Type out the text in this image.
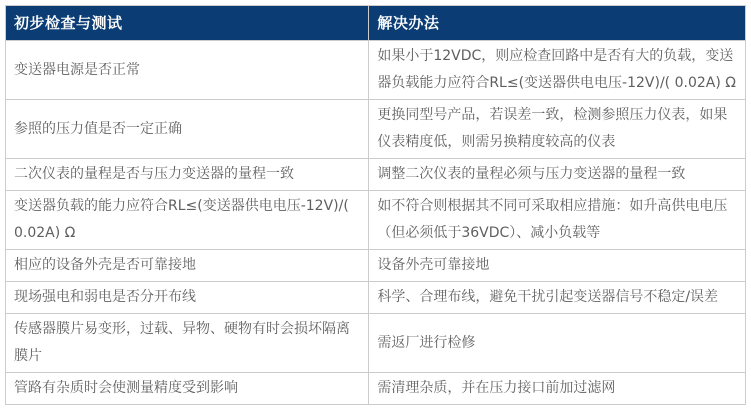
初步检查与测试	解决办法
变送器电源是否正常	如果小于12VDC，则应检查回路中是否有大的负载，变送器负载能力应符合RL≤(变送器供电电压-12V)/( 0.02A) Ω
参照的压力值是否一定正确	更换同型号产品，若误差一致，检测参照压力仪表，如果仪表精度低，则需另换精度较高的仪表
二次仪表的量程是否与压力变送器的量程一致	调整二次仪表的量程必须与压力变送器的量程一致
变送器负载的能力应符合RL≤(变送器供电电压-12V)/( 0.02A) Ω	如不符合则根据其不同可采取相应措施：如升高供电电压（但必须低于36VDC）、减小负载等
相应的设备外壳是否可靠接地	设备外壳可靠接地
现场强电和弱电是否分开布线	科学、合理布线，避免干扰引起变送器信号不稳定/误差
传感器膜片易变形，过载、异物、硬物有时会损坏隔离膜片	需返厂进行检修
管路有杂质时会使测量精度受到影响	需清理杂质，并在压力接口前加过滤网
